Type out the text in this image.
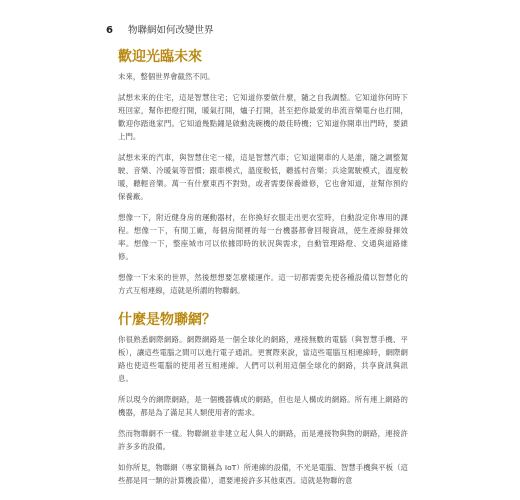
6	物聯網如何改變世界
歡迎光臨未來

未來，整個世界會截然不同。

試想未來的住宅，這是智慧住宅；它知道你要做什麼，隨之自我調整。它知道你何時下班回家，幫你把燈打開，暖氣打開，爐子打開，甚至把你最愛的串流音樂電台也打開，歡迎你踏進家門。它知道幾點鐘是啟動洗碗機的最佳時機；它知道你開車出門時，要鎖上門。

試想未來的汽車，與智慧住宅一樣，這是智慧汽車；它知道開車的人是誰，隨之調整駕駛、音樂、冷暖氣等習慣；跟車模式，溫度較低，聽搖村音樂；兵途駕駛模式，溫度較暖，聽輕音樂。萬一有什麼東西不對勁，或者需要保養維修，它也會知道，並幫你預約保養廠。

想像一下，附近健身房的運動器材，在你換好衣服走出更衣室時，自動設定你專用的課程。想像一下，有間工廠，每個房間裡的每一台機器都會回報資訊，使生產線發揮效率。想像一下，整座城市可以依據即時的狀況與需求，自動管理路燈、交通與道路維修。

想像一下未來的世界，然後想想要怎麼樣運作。這一切都需要先使各種設備以智慧化的方式互相連線，這就是所謂的物聯網。

什麼是物聯網？

你很熟悉網際網路。網際網路是一個全球化的網路，連接無數的電腦（與智慧手機、平板），讓這些電腦之間可以進行電子通訊。更實際來說，當這些電腦互相連線時，網際網路也使這些電腦的使用者互相連線。人們可以利用這個全球化的網路，共享資訊與訊息。

所以現今的網際網路，是一個機器構成的網路，但也是人構成的網路。所有連上網路的機器，都是為了滿足其人類使用者的需求。

然而物聯網不一樣。物聯網並非建立起人與人的網路，而是連接物與物的網路，連接許許多多的設備。

如你所見，物聯網（專家簡稱為 IoT）所連線的設備，不光是電腦、智慧手機與平板（這些都是同一類的計算機設備），還要連接許多其他東西。這就是物聯的意
